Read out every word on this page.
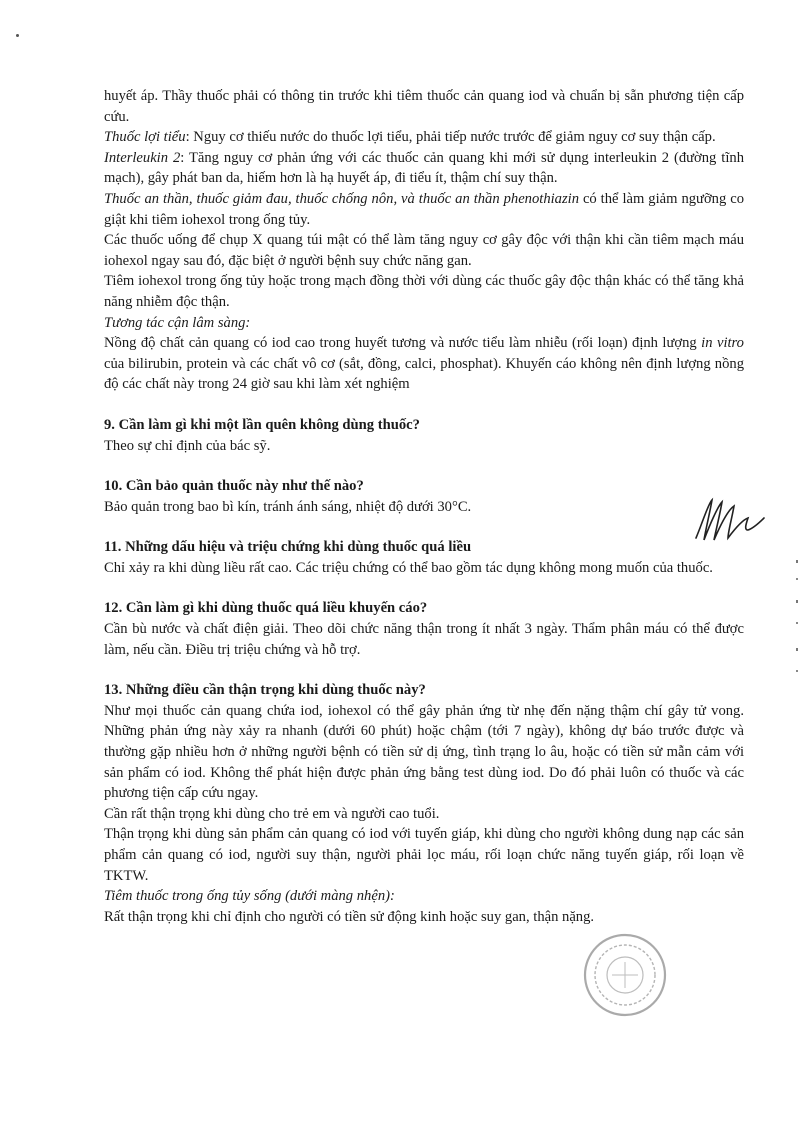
huyết áp. Thầy thuốc phải có thông tin trước khi tiêm thuốc cản quang iod và chuẩn bị sẵn phương tiện cấp cứu.

Thuốc lợi tiểu: Nguy cơ thiếu nước do thuốc lợi tiểu, phải tiếp nước trước để giảm nguy cơ suy thận cấp.

Interleukin 2: Tăng nguy cơ phản ứng với các thuốc cản quang khi mới sử dụng interleukin 2 (đường tĩnh mạch), gây phát ban da, hiếm hơn là hạ huyết áp, đi tiểu ít, thậm chí suy thận.

Thuốc an thần, thuốc giảm đau, thuốc chống nôn, và thuốc an thần phenothiazin có thể làm giảm ngưỡng co giật khi tiêm iohexol trong ống tủy.

Các thuốc uống để chụp X quang túi mật có thể làm tăng nguy cơ gây độc với thận khi cần tiêm mạch máu iohexol ngay sau đó, đặc biệt ở người bệnh suy chức năng gan.

Tiêm iohexol trong ống tủy hoặc trong mạch đồng thời với dùng các thuốc gây độc thận khác có thể tăng khả năng nhiễm độc thận.

Tương tác cận lâm sàng:

Nồng độ chất cản quang có iod cao trong huyết tương và nước tiểu làm nhiễu (rối loạn) định lượng in vitro của bilirubin, protein và các chất vô cơ (sắt, đồng, calci, phosphat). Khuyến cáo không nên định lượng nồng độ các chất này trong 24 giờ sau khi làm xét nghiệm

9. Cần làm gì khi một lần quên không dùng thuốc?

Theo sự chỉ định của bác sỹ.

10. Cần bảo quản thuốc này như thế nào?

Bảo quản trong bao bì kín, tránh ánh sáng, nhiệt độ dưới 30°C.

11. Những dấu hiệu và triệu chứng khi dùng thuốc quá liều

Chỉ xảy ra khi dùng liều rất cao. Các triệu chứng có thể bao gồm tác dụng không mong muốn của thuốc.

12. Cần làm gì khi dùng thuốc quá liều khuyến cáo?

Cần bù nước và chất điện giải. Theo dõi chức năng thận trong ít nhất 3 ngày. Thẩm phân máu có thể được làm, nếu cần. Điều trị triệu chứng và hỗ trợ.

13. Những điều cần thận trọng khi dùng thuốc này?

Như mọi thuốc cản quang chứa iod, iohexol có thể gây phản ứng từ nhẹ đến nặng thậm chí gây tử vong. Những phản ứng này xảy ra nhanh (dưới 60 phút) hoặc chậm (tới 7 ngày), không dự báo trước được và thường gặp nhiều hơn ở những người bệnh có tiền sử dị ứng, tình trạng lo âu, hoặc có tiền sử mẫn cảm với sản phẩm có iod. Không thể phát hiện được phản ứng bằng test dùng iod. Do đó phải luôn có thuốc và các phương tiện cấp cứu ngay.

Cần rất thận trọng khi dùng cho trẻ em và người cao tuổi.

Thận trọng khi dùng sản phẩm cản quang có iod với tuyến giáp, khi dùng cho người không dung nạp các sản phẩm cản quang có iod, người suy thận, người phải lọc máu, rối loạn chức năng tuyến giáp, rối loạn về TKTW.

Tiêm thuốc trong ống tủy sống (dưới màng nhện):

Rất thận trọng khi chỉ định cho người có tiền sử động kinh hoặc suy gan, thận nặng.
